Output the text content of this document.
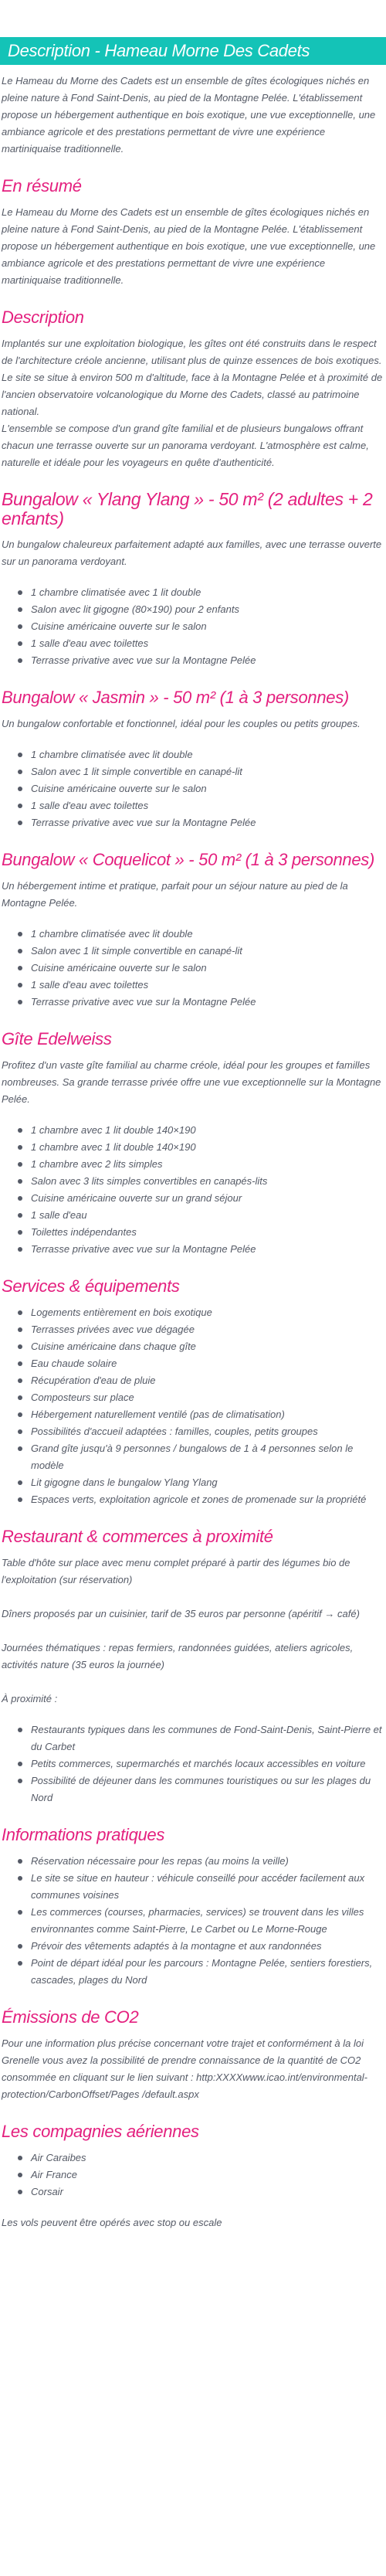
Description - Hameau Morne Des Cadets

Le Hameau du Morne des Cadets est un ensemble de gîtes écologiques nichés en pleine nature à Fond Saint-Denis, au pied de la Montagne Pelée. L'établissement propose un hébergement authentique en bois exotique, une vue exceptionnelle, une ambiance agricole et des prestations permettant de vivre une expérience martiniquaise traditionnelle.

En résumé

Le Hameau du Morne des Cadets est un ensemble de gîtes écologiques nichés en pleine nature à Fond Saint-Denis, au pied de la Montagne Pelée. L'établissement propose un hébergement authentique en bois exotique, une vue exceptionnelle, une ambiance agricole et des prestations permettant de vivre une expérience martiniquaise traditionnelle.

Description

Implantés sur une exploitation biologique, les gîtes ont été construits dans le respect de l'architecture créole ancienne, utilisant plus de quinze essences de bois exotiques.

Le site se situe à environ 500 m d'altitude, face à la Montagne Pelée et à proximité de l'ancien observatoire volcanologique du Morne des Cadets, classé au patrimoine national.

L'ensemble se compose d'un grand gîte familial et de plusieurs bungalows offrant chacun une terrasse ouverte sur un panorama verdoyant. L'atmosphère est calme, naturelle et idéale pour les voyageurs en quête d'authenticité.

Bungalow « Ylang Ylang » - 50 m² (2 adultes + 2 enfants)

Un bungalow chaleureux parfaitement adapté aux familles, avec une terrasse ouverte sur un panorama verdoyant.

1 chambre climatisée avec 1 lit double
Salon avec lit gigogne (80×190) pour 2 enfants
Cuisine américaine ouverte sur le salon
1 salle d'eau avec toilettes
Terrasse privative avec vue sur la Montagne Pelée
Bungalow « Jasmin » - 50 m² (1 à 3 personnes)

Un bungalow confortable et fonctionnel, idéal pour les couples ou petits groupes.

1 chambre climatisée avec lit double
Salon avec 1 lit simple convertible en canapé-lit
Cuisine américaine ouverte sur le salon
1 salle d'eau avec toilettes
Terrasse privative avec vue sur la Montagne Pelée
Bungalow « Coquelicot » - 50 m² (1 à 3 personnes)

Un hébergement intime et pratique, parfait pour un séjour nature au pied de la Montagne Pelée.

1 chambre climatisée avec lit double
Salon avec 1 lit simple convertible en canapé-lit
Cuisine américaine ouverte sur le salon
1 salle d'eau avec toilettes
Terrasse privative avec vue sur la Montagne Pelée
Gîte Edelweiss

Profitez d'un vaste gîte familial au charme créole, idéal pour les groupes et familles nombreuses. Sa grande terrasse privée offre une vue exceptionnelle sur la Montagne Pelée.

1 chambre avec 1 lit double 140×190
1 chambre avec 1 lit double 140×190
1 chambre avec 2 lits simples
Salon avec 3 lits simples convertibles en canapés-lits
Cuisine américaine ouverte sur un grand séjour
1 salle d'eau
Toilettes indépendantes
Terrasse privative avec vue sur la Montagne Pelée
Services & équipements
Logements entièrement en bois exotique
Terrasses privées avec vue dégagée
Cuisine américaine dans chaque gîte
Eau chaude solaire
Récupération d'eau de pluie
Composteurs sur place
Hébergement naturellement ventilé (pas de climatisation)
Possibilités d'accueil adaptées : familles, couples, petits groupes
Grand gîte jusqu'à 9 personnes / bungalows de 1 à 4 personnes selon le modèle
Lit gigogne dans le bungalow Ylang Ylang
Espaces verts, exploitation agricole et zones de promenade sur la propriété
Restaurant & commerces à proximité

Table d'hôte sur place avec menu complet préparé à partir des légumes bio de l'exploitation (sur réservation)

Dîners proposés par un cuisinier, tarif de 35 euros par personne (apéritif → café)

Journées thématiques : repas fermiers, randonnées guidées, ateliers agricoles, activités nature (35 euros la journée)

À proximité :

Restaurants typiques dans les communes de Fond-Saint-Denis, Saint-Pierre et du Carbet
Petits commerces, supermarchés et marchés locaux accessibles en voiture
Possibilité de déjeuner dans les communes touristiques ou sur les plages du Nord
Informations pratiques
Réservation nécessaire pour les repas (au moins la veille)
Le site se situe en hauteur : véhicule conseillé pour accéder facilement aux communes voisines
Les commerces (courses, pharmacies, services) se trouvent dans les villes environnantes comme Saint-Pierre, Le Carbet ou Le Morne-Rouge
Prévoir des vêtements adaptés à la montagne et aux randonnées
Point de départ idéal pour les parcours : Montagne Pelée, sentiers forestiers, cascades, plages du Nord
Émissions de CO2

Pour une information plus précise concernant votre trajet et conformément à la loi Grenelle vous avez la possibilité de prendre connaissance de la quantité de CO2 consommée en cliquant sur le lien suivant : http:XXXXwww.icao.int/environmental-protection/CarbonOffset/Pages /default.aspx

Les compagnies aériennes
Air Caraibes
Air France
Corsair

Les vols peuvent être opérés avec stop ou escale
